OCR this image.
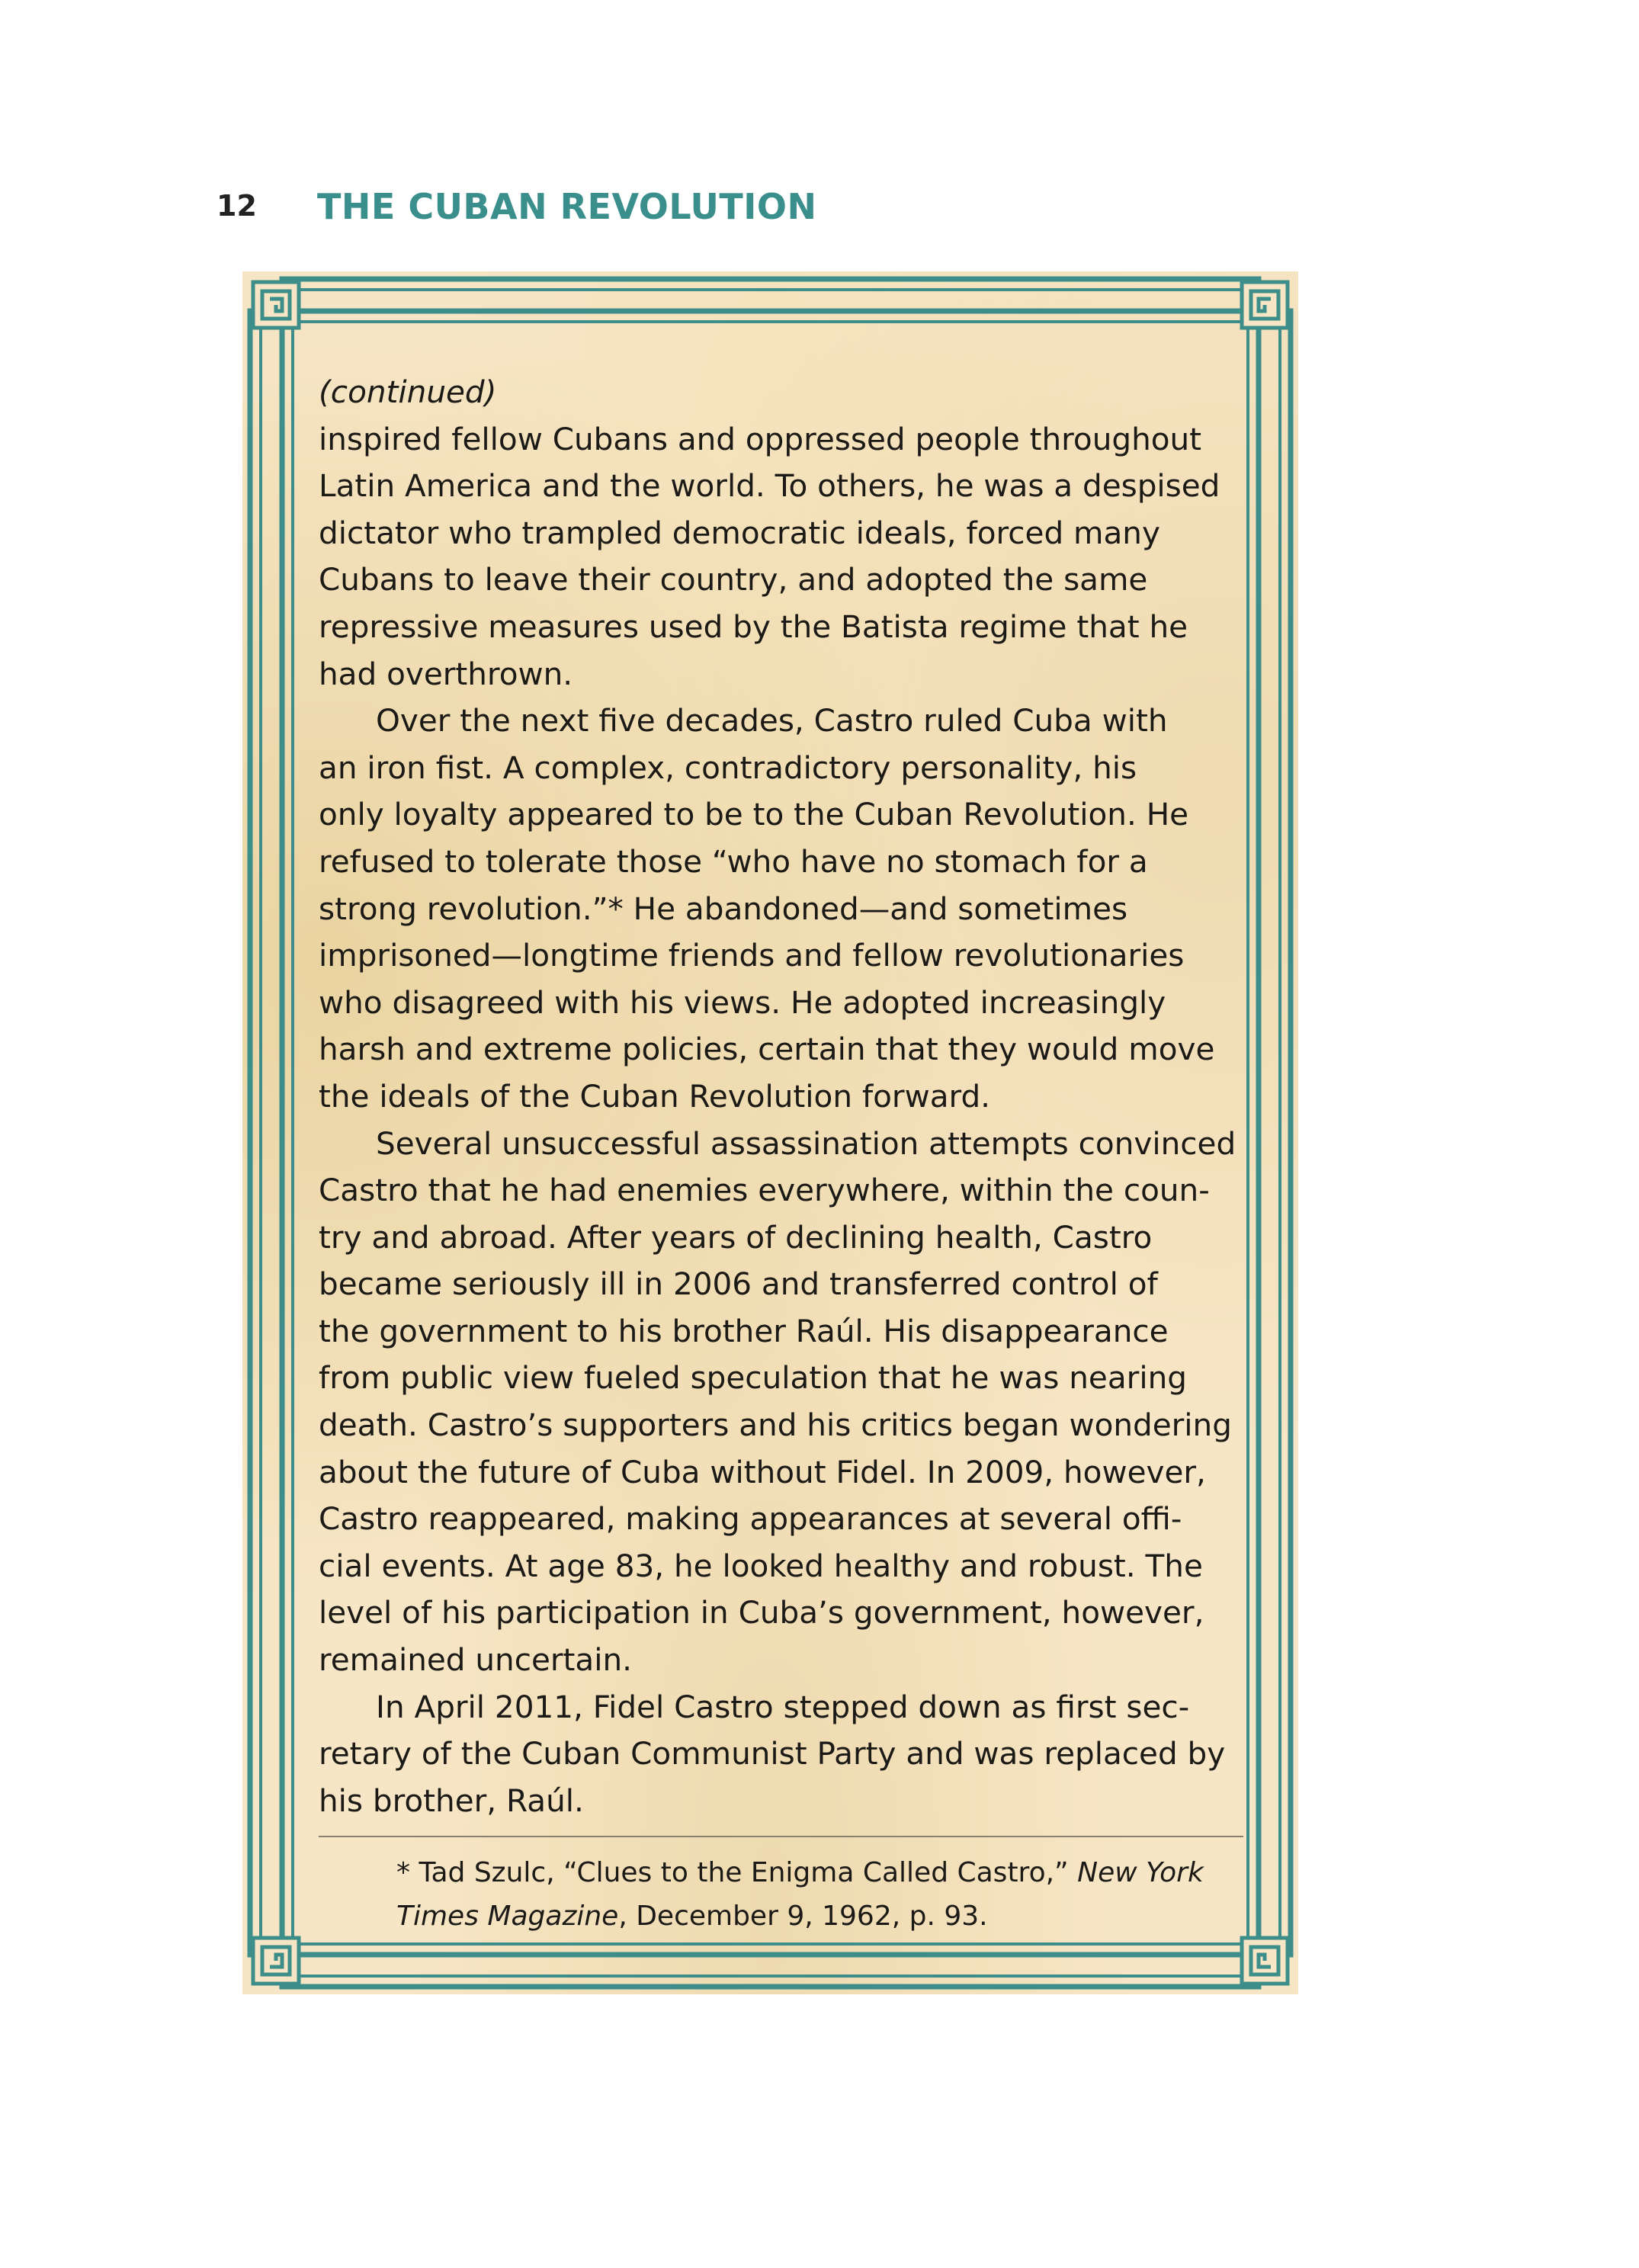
12 THE CUBAN REVOLUTION
(continued)
inspired fellow Cubans and oppressed people throughout
Latin America and the world. To others, he was a despised
dictator who trampled democratic ideals, forced many
Cubans to leave their country, and adopted the same
repressive measures used by the Batista regime that he
had overthrown.
Over the next five decades, Castro ruled Cuba with
an iron fist. A complex, contradictory personality, his
only loyalty appeared to be to the Cuban Revolution. He
refused to tolerate those “who have no stomach for a
strong revolution.”* He abandoned—and sometimes
imprisoned—longtime friends and fellow revolutionaries
who disagreed with his views. He adopted increasingly
harsh and extreme policies, certain that they would move
the ideals of the Cuban Revolution forward.
Several unsuccessful assassination attempts convinced
Castro that he had enemies everywhere, within the coun-
try and abroad. After years of declining health, Castro
became seriously ill in 2006 and transferred control of
the government to his brother Raúl. His disappearance
from public view fueled speculation that he was nearing
death. Castro’s supporters and his critics began wondering
about the future of Cuba without Fidel. In 2009, however,
Castro reappeared, making appearances at several offi-
cial events. At age 83, he looked healthy and robust. The
level of his participation in Cuba’s government, however,
remained uncertain.
In April 2011, Fidel Castro stepped down as first sec-
retary of the Cuban Communist Party and was replaced by
his brother, Raúl.
* Tad Szulc, “Clues to the Enigma Called Castro,” New York
Times Magazine, December 9, 1962, p. 93.
